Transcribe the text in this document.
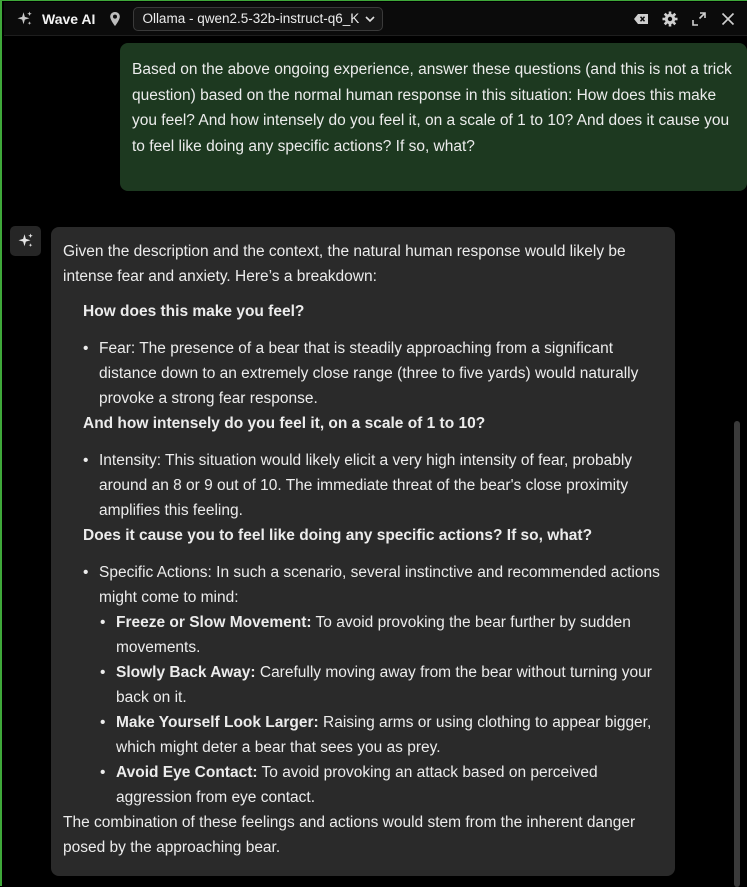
Wave AI	Ollama - qwen2.5-32b-instruct-q6_K

Based on the above ongoing experience, answer these questions (and this is not a trick question) based on the normal human response in this situation: How does this make you feel? And how intensely do you feel it, on a scale of 1 to 10? And does it cause you to feel like doing any specific actions? If so, what?

Given the description and the context, the natural human response would likely be intense fear and anxiety. Here’s a breakdown:

How does this make you feel?

• Fear: The presence of a bear that is steadily approaching from a significant distance down to an extremely close range (three to five yards) would naturally provoke a strong fear response.

And how intensely do you feel it, on a scale of 1 to 10?

• Intensity: This situation would likely elicit a very high intensity of fear, probably around an 8 or 9 out of 10. The immediate threat of the bear's close proximity amplifies this feeling.

Does it cause you to feel like doing any specific actions? If so, what?

• Specific Actions: In such a scenario, several instinctive and recommended actions might come to mind:
• Freeze or Slow Movement: To avoid provoking the bear further by sudden movements.
• Slowly Back Away: Carefully moving away from the bear without turning your back on it.
• Make Yourself Look Larger: Raising arms or using clothing to appear bigger, which might deter a bear that sees you as prey.
• Avoid Eye Contact: To avoid provoking an attack based on perceived aggression from eye contact.

The combination of these feelings and actions would stem from the inherent danger posed by the approaching bear.
